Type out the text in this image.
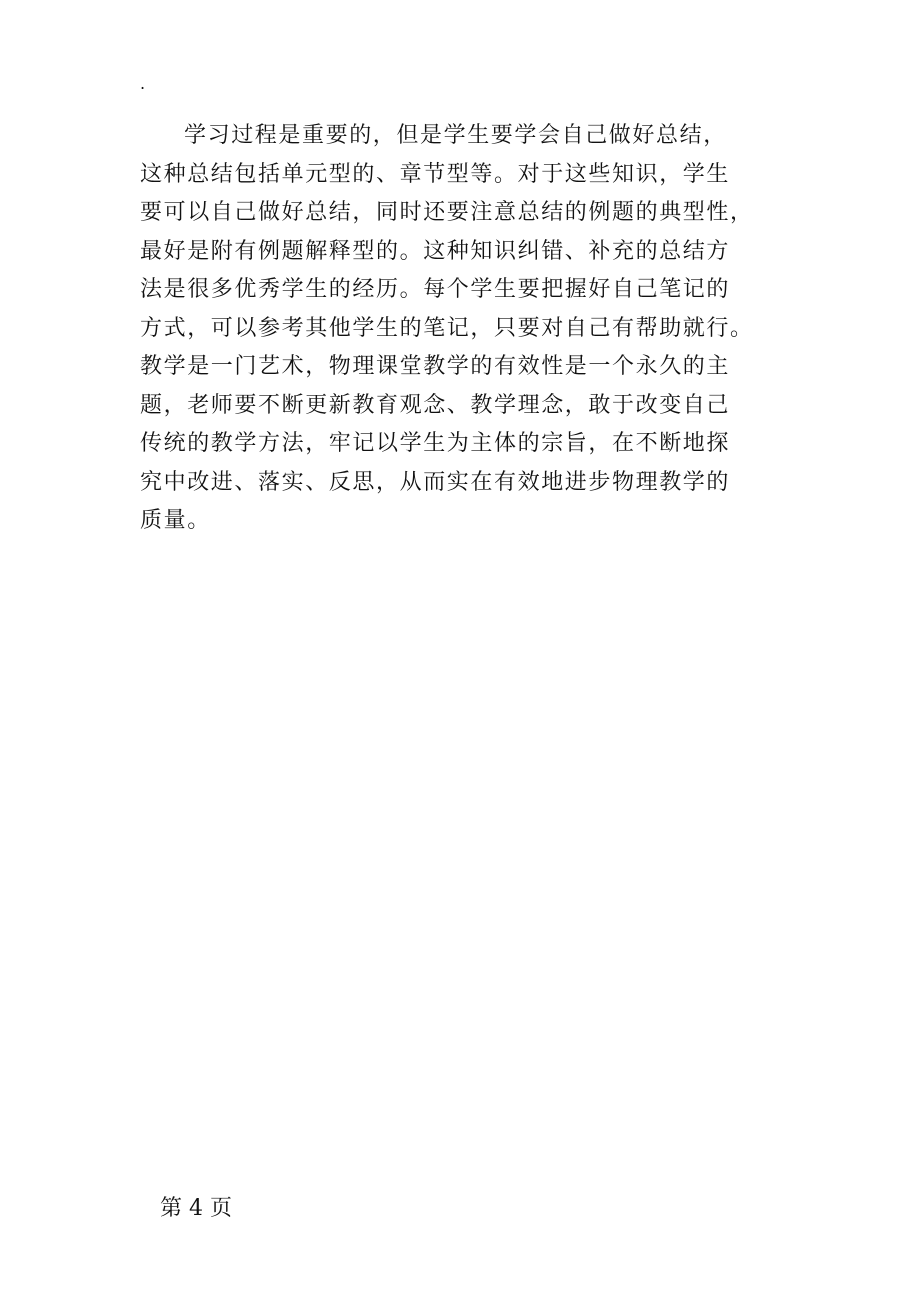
.
学习过程是重要的，但是学生要学会自己做好总结，
这种总结包括单元型的、章节型等。对于这些知识，学生
要可以自己做好总结，同时还要注意总结的例题的典型性，
最好是附有例题解释型的。这种知识纠错、补充的总结方
法是很多优秀学生的经历。每个学生要把握好自己笔记的
方式，可以参考其他学生的笔记，只要对自己有帮助就行。
教学是一门艺术，物理课堂教学的有效性是一个永久的主
题，老师要不断更新教育观念、教学理念，敢于改变自己
传统的教学方法，牢记以学生为主体的宗旨，在不断地探
究中改进、落实、反思，从而实在有效地进步物理教学的
质量。
第 4 页
